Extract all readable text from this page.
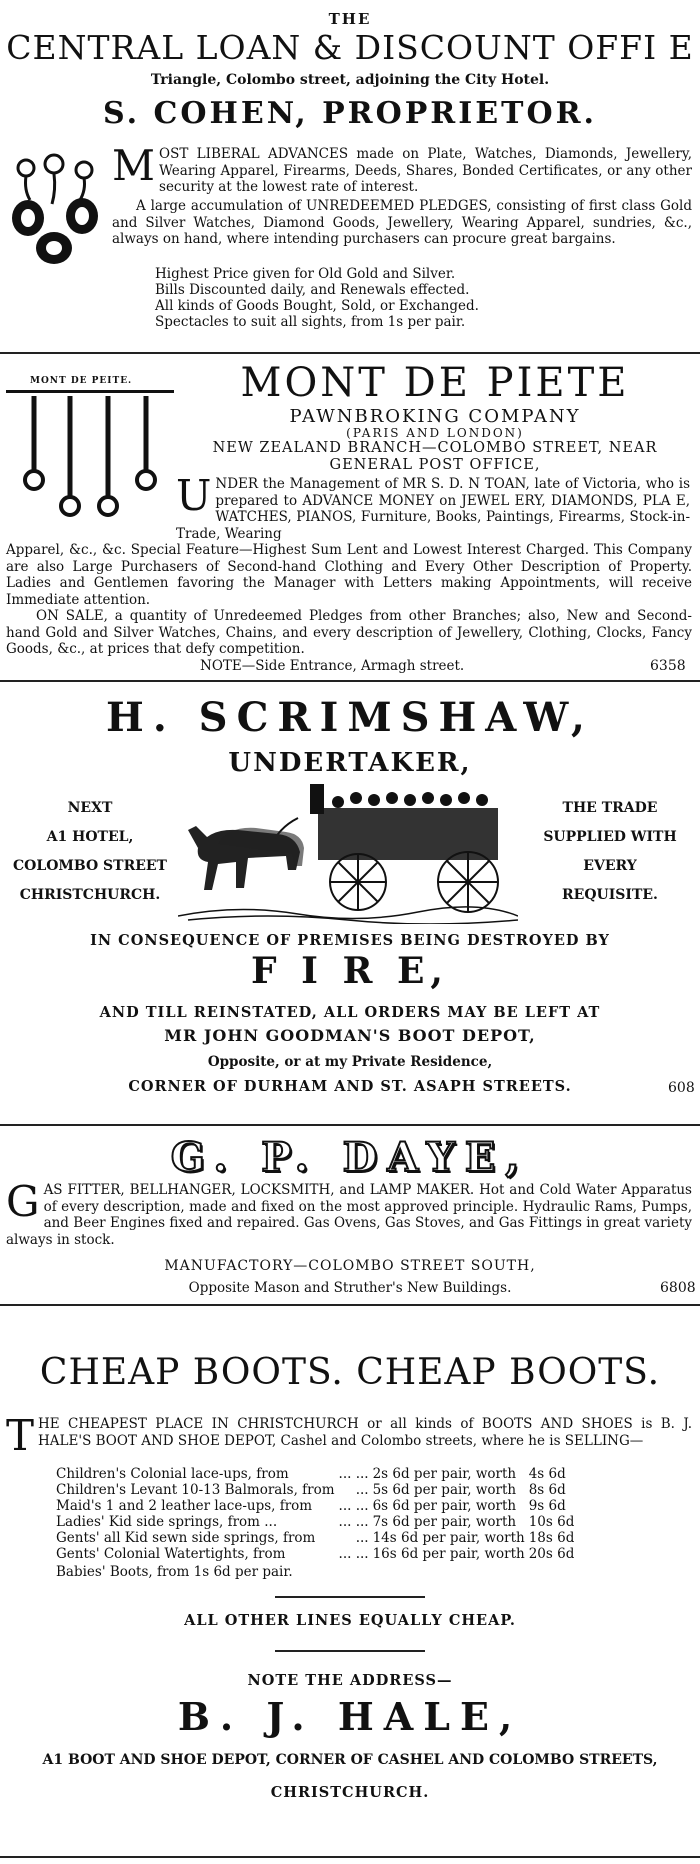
THE
CENTRAL LOAN & DISCOUNT OFFI E
Triangle, Colombo street, adjoining the City Hotel.
S. COHEN, PROPRIETOR.
MOST LIBERAL ADVANCES made on Plate, Watches, Diamonds, Jewellery, Wearing Apparel, Firearms, Deeds, Shares, Bonded Certificates, or any other security at the lowest rate of interest.
A large accumulation of UNREDEEMED PLEDGES, consisting of first class Gold and Silver Watches, Diamond Goods, Jewellery, Wearing Apparel, sundries, &c., always on hand, where intending purchasers can procure great bargains.
Highest Price given for Old Gold and Silver.
Bills Discounted daily, and Renewals effected.
All kinds of Goods Bought, Sold, or Exchanged.
Spectacles to suit all sights, from 1s per pair.
MONT DE PEITE.	MONT DE PIETE
PAWNBROKING COMPANY
(PARIS AND LONDON)
NEW ZEALAND BRANCH—COLOMBO STREET, NEAR
GENERAL POST OFFICE,
UNDER the Management of MR S. D. N TOAN, late of Victoria, who is prepared to ADVANCE MONEY on JEWEL ERY, DIAMONDS, PLA E, WATCHES, PIANOS, Furniture, Books, Paintings, Firearms, Stock-in-Trade, Wearing
Apparel, &c., &c. Special Feature—Highest Sum Lent and Lowest Interest Charged. This Company are also Large Purchasers of Second-hand Clothing and Every Other Description of Property. Ladies and Gentlemen favoring the Manager with Letters making Appointments, will receive Immediate attention.
ON SALE, a quantity of Unredeemed Pledges from other Branches; also, New and Second-hand Gold and Silver Watches, Chains, and every description of Jewellery, Clothing, Clocks, Fancy Goods, &c., at prices that defy competition.
NOTE—Side Entrance, Armagh street.	6358
H. SCRIMSHAW,
UNDERTAKER,
NEXT
A1 HOTEL,
COLOMBO STREET
CHRISTCHURCH.
THE TRADE
SUPPLIED WITH
EVERY
REQUISITE.
IN CONSEQUENCE OF PREMISES BEING DESTROYED BY
F I R E,
AND TILL REINSTATED, ALL ORDERS MAY BE LEFT AT
MR JOHN GOODMAN'S BOOT DEPOT,
Opposite, or at my Private Residence,
CORNER OF DURHAM AND ST. ASAPH STREETS.	608
G. P. DAYE,
GAS FITTER, BELLHANGER, LOCKSMITH, and LAMP MAKER. Hot and Cold Water Apparatus of every description, made and fixed on the most approved principle. Hydraulic Rams, Pumps, and Beer Engines fixed and repaired. Gas Ovens, Gas Stoves, and Gas Fittings in great variety always in stock.
MANUFACTORY—COLOMBO STREET SOUTH,
Opposite Mason and Struther's New Buildings.	6808
CHEAP BOOTS. CHEAP BOOTS.
THE CHEAPEST PLACE IN CHRISTCHURCH or all kinds of BOOTS AND SHOES is B. J. HALE'S BOOT AND SHOE DEPOT, Cashel and Colombo streets, where he is SELLING—
Children's Colonial lace-ups, from	... ...	2s 6d per pair, worth	4s 6d
Children's Levant 10-13 Balmorals, from	...	5s 6d per pair, worth	8s 6d
Maid's 1 and 2 leather lace-ups, from	... ...	6s 6d per pair, worth	9s 6d
Ladies' Kid side springs, from ...	... ...	7s 6d per pair, worth	10s 6d
Gents' all Kid sewn side springs, from	...	14s 6d per pair, worth	18s 6d
Gents' Colonial Watertights, from	... ...	16s 6d per pair, worth	20s 6d
Babies' Boots, from 1s 6d per pair.
ALL OTHER LINES EQUALLY CHEAP.
NOTE THE ADDRESS—
B. J. HALE,
A1 BOOT AND SHOE DEPOT, CORNER OF CASHEL AND COLOMBO STREETS,
CHRISTCHURCH.
